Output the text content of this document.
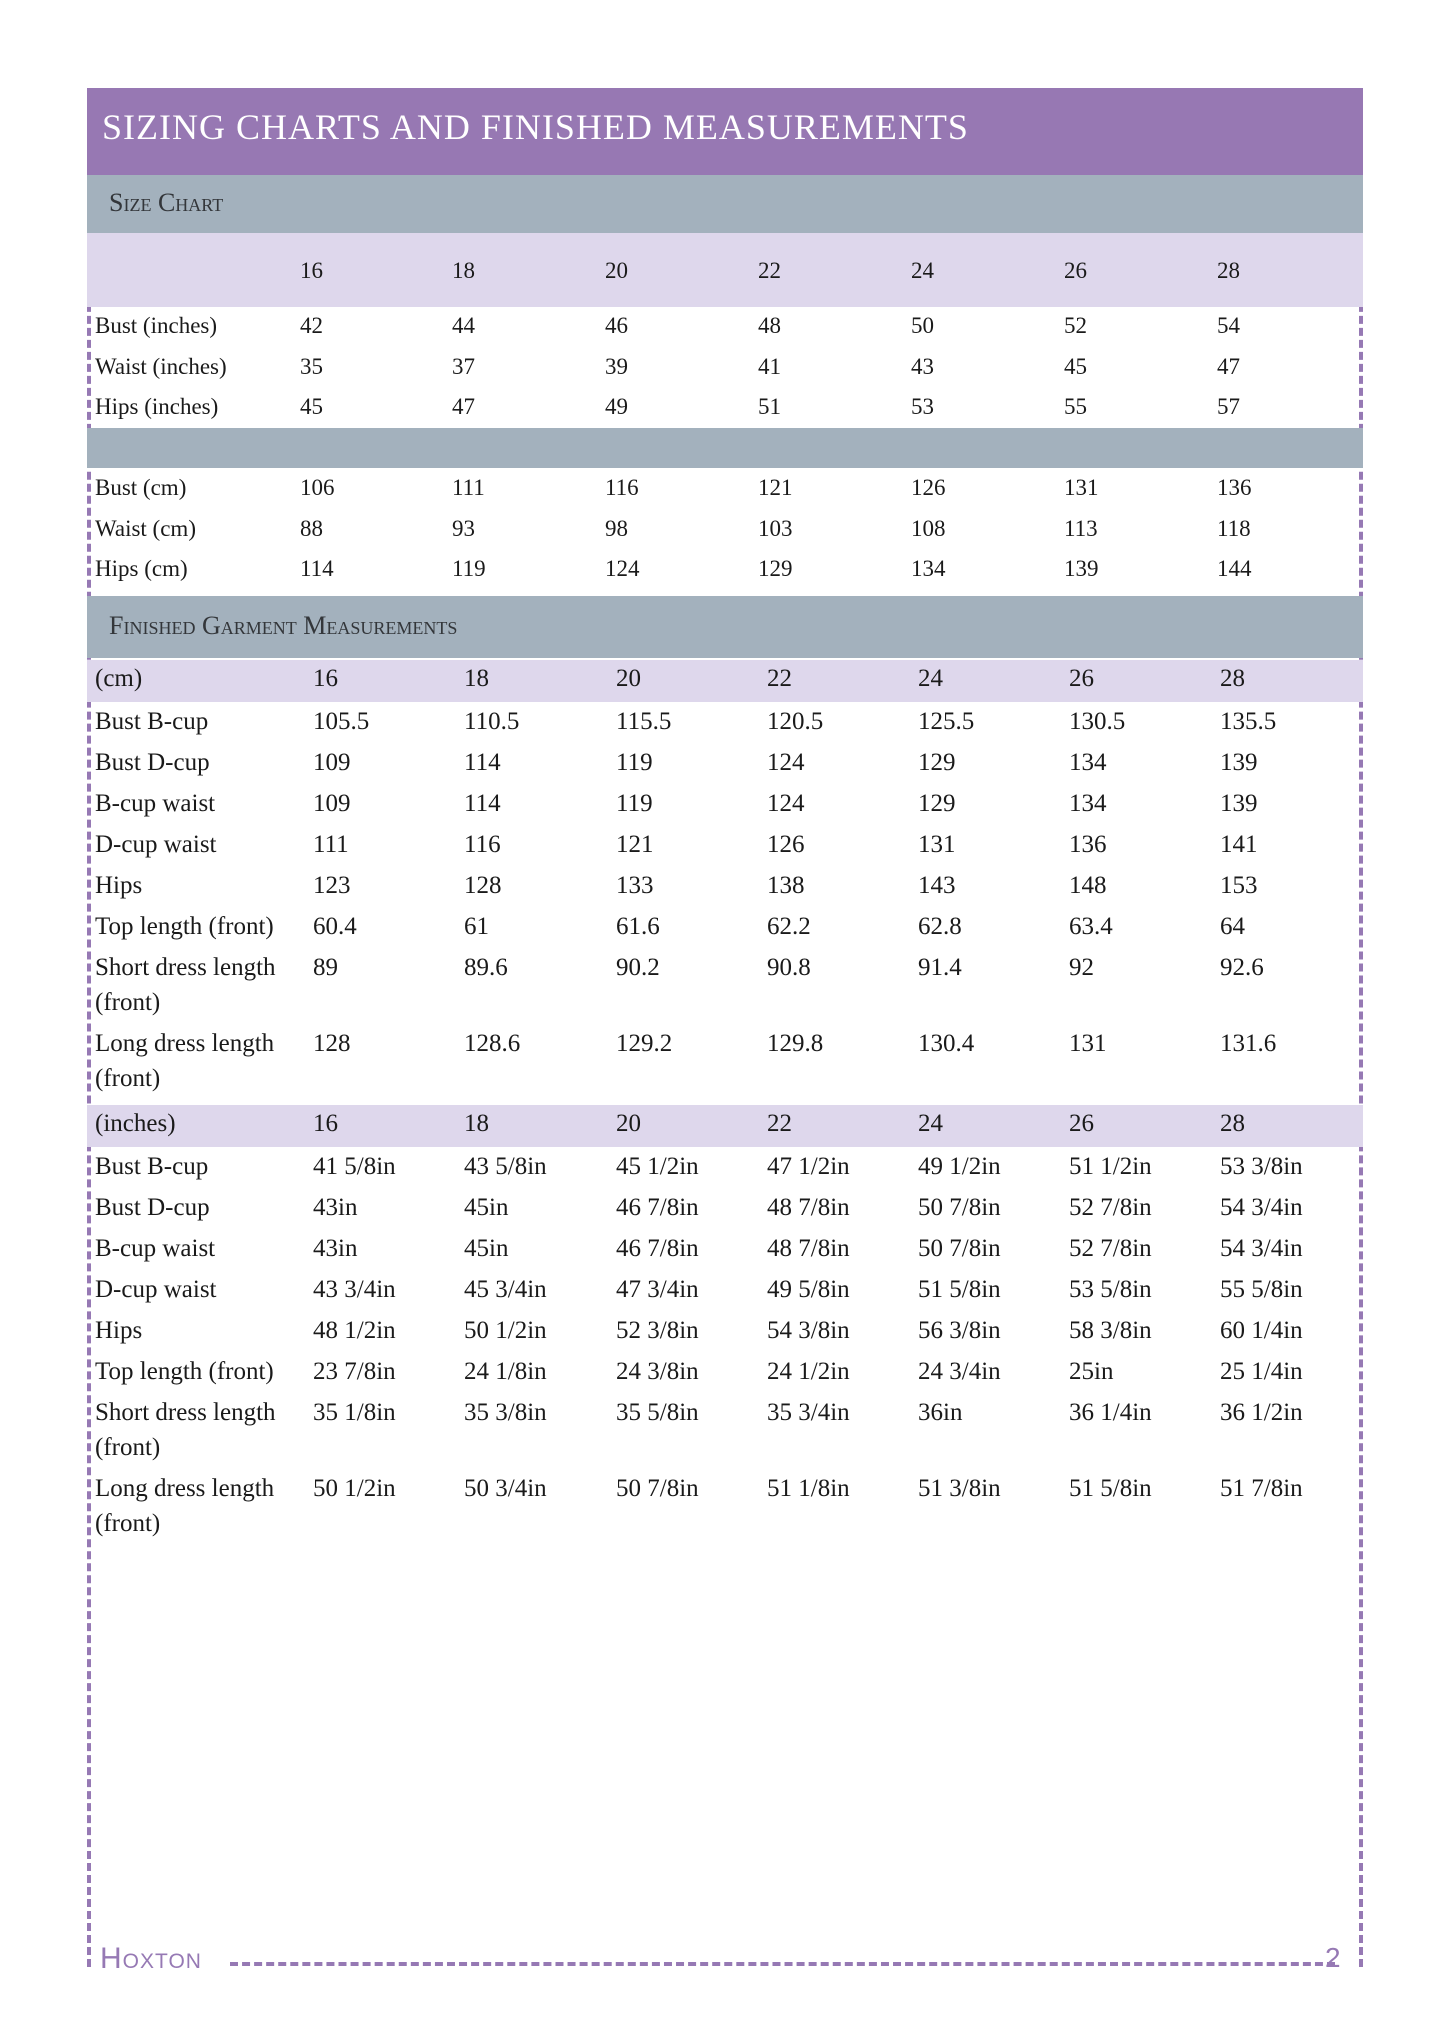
SIZING CHARTS AND FINISHED MEASUREMENTS
Size Chart
Finished Garment Measurements
16	18	20	22	24	26	28
Bust (inches)	42	44	46	48	50	52	54
Waist (inches)	35	37	39	41	43	45	47
Hips (inches)	45	47	49	51	53	55	57
Bust (cm)	106	111	116	121	126	131	136
Waist (cm)	88	93	98	103	108	113	118
Hips (cm)	114	119	124	129	134	139	144
(cm)	16	18	20	22	24	26	28
Bust B-cup	105.5	110.5	115.5	120.5	125.5	130.5	135.5
Bust D-cup	109	114	119	124	129	134	139
B-cup waist	109	114	119	124	129	134	139
D-cup waist	111	116	121	126	131	136	141
Hips	123	128	133	138	143	148	153
Top length (front) 60.4	61	61.6	62.2	62.8	63.4	64
Short dress length
(front)
89	89.6	90.2	90.8	91.4	92	92.6
Long dress length
(front)
128	128.6	129.2	129.8	130.4	131	131.6
(inches)	16	18	20	22	24	26	28
Bust B-cup	41 5/8in	43 5/8in	45 1/2in	47 1/2in	49 1/2in	51 1/2in	53 3/8in
Bust D-cup	43in	45in	46 7/8in	48 7/8in	50 7/8in	52 7/8in	54 3/4in
B-cup waist	43in	45in	46 7/8in	48 7/8in	50 7/8in	52 7/8in	54 3/4in
D-cup waist	43 3/4in	45 3/4in	47 3/4in	49 5/8in	51 5/8in	53 5/8in	55 5/8in
Hips	48 1/2in	50 1/2in	52 3/8in	54 3/8in	56 3/8in	58 3/8in	60 1/4in
Top length (front) 23 7/8in	24 1/8in	24 3/8in	24 1/2in	24 3/4in	25in	25 1/4in
Short dress length
(front)
35 1/8in	35 3/8in	35 5/8in	35 3/4in	36in	36 1/4in	36 1/2in
Long dress length
(front)
50 1/2in	50 3/4in	50 7/8in	51 1/8in	51 3/8in	51 5/8in	51 7/8in
Hoxton	2
